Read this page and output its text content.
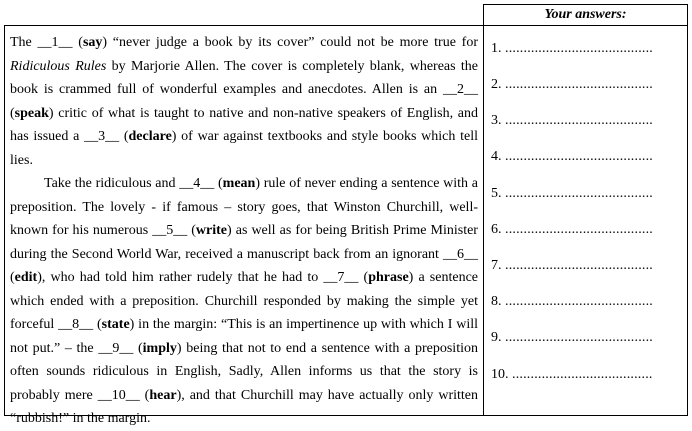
Your answers:

The __1__ (say) “never judge a book by its cover” could not be more true for Ridiculous Rules by Marjorie Allen. The cover is completely blank, whereas the book is crammed full of wonderful examples and anecdotes. Allen is an __2__ (speak) critic of what is taught to native and non-native speakers of English, and has issued a __3__ (declare) of war against textbooks and style books which tell lies.

Take the ridiculous and __4__ (mean) rule of never ending a sentence with a preposition. The lovely - if famous – story goes, that Winston Churchill, well-known for his numerous __5__ (write) as well as for being British Prime Minister during the Second World War, received a manuscript back from an ignorant __6__ (edit), who had told him rather rudely that he had to __7__ (phrase) a sentence which ended with a preposition. Churchill responded by making the simple yet forceful __8__ (state) in the margin: “This is an impertinence up with which I will not put.” – the __9__ (imply) being that not to end a sentence with a preposition often sounds ridiculous in English, Sadly, Allen informs us that the story is probably mere __10__ (hear), and that Churchill may have actually only written “rubbish!” in the margin.

1. ........................................
2. ........................................
3. ........................................
4. ........................................
5. ........................................
6. ........................................
7. ........................................
8. ........................................
9. ........................................
10. ......................................
